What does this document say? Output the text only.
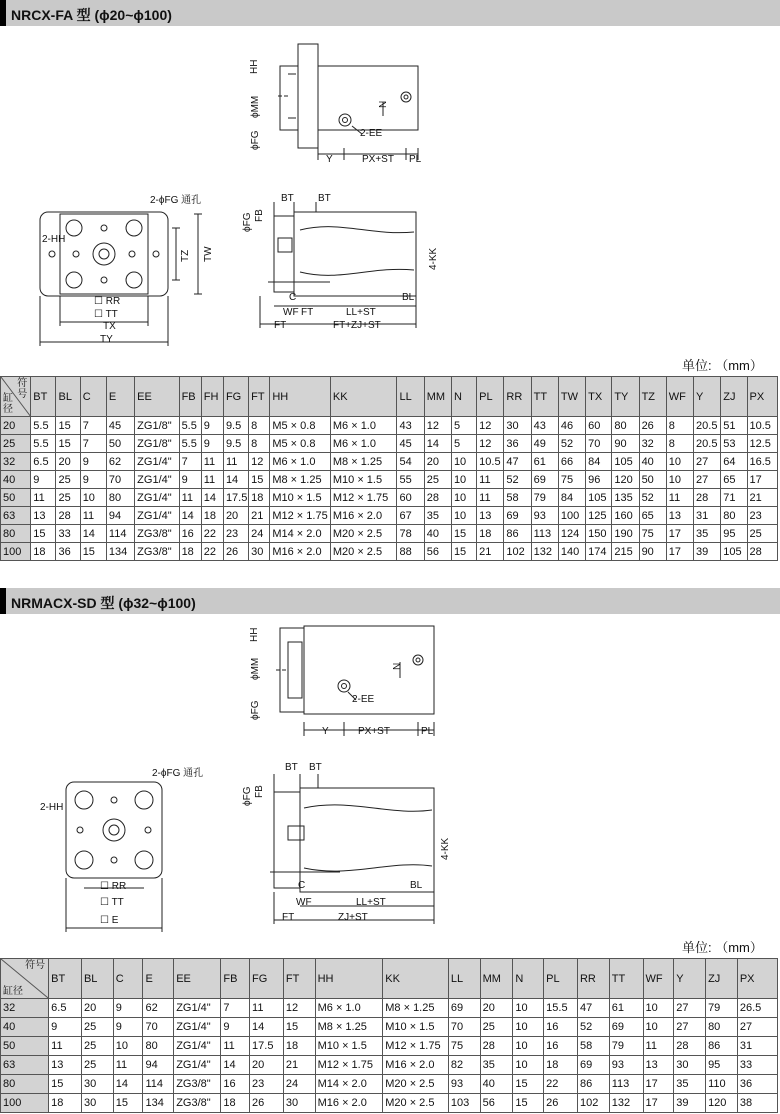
NRCX-FA 型 (ϕ20~ϕ100)
HH
ϕMM
ϕFG
N
2-EE
Y	PX+ST PL
2-ϕFG 通孔
2-HH
TZ TW
☐ RR
☐ TT
TX
TY
BT BT
ϕFG FB
4-KK
C	BL
WF FT	LL+ST
FT	FT+ZJ+ST
单位: （mm）
符
号
缸
径	BT	BL	C	E	EE	FB	FH	FG	FT	HH	KK	LL	MM	N	PL	RR	TT	TW	TX	TY	TZ	WF	Y	ZJ	PX
20	5.5	15	7	45	ZG1/8"	5.5	9	9.5	8	M5 × 0.8	M6 × 1.0	43	12	5	12	30	43	46	60	80	26	8	20.5	51	10.5
25	5.5	15	7	50	ZG1/8"	5.5	9	9.5	8	M5 × 0.8	M6 × 1.0	45	14	5	12	36	49	52	70	90	32	8	20.5	53	12.5
32	6.5	20	9	62	ZG1/4"	7	11	11	12	M6 × 1.0	M8 × 1.25	54	20	10	10.5	47	61	66	84	105	40	10	27	64	16.5
40	9	25	9	70	ZG1/4"	9	11	14	15	M8 × 1.25	M10 × 1.5	55	25	10	11	52	69	75	96	120	50	10	27	65	17
50	11	25	10	80	ZG1/4"	11	14	17.5	18	M10 × 1.5	M12 × 1.75	60	28	10	11	58	79	84	105	135	52	11	28	71	21
63	13	28	11	94	ZG1/4"	14	18	20	21	M12 × 1.75	M16 × 2.0	67	35	10	13	69	93	100	125	160	65	13	31	80	23
80	15	33	14	114	ZG3/8"	16	22	23	24	M14 × 2.0	M20 × 2.5	78	40	15	18	86	113	124	150	190	75	17	35	95	25
100	18	36	15	134	ZG3/8"	18	22	26	30	M16 × 2.0	M20 × 2.5	88	56	15	21	102	132	140	174	215	90	17	39	105	28
NRMACX-SD 型 (ϕ32~ϕ100)
HH
ϕMM
ϕFG
N
2-EE
Y	PX+ST	PL
2-ϕFG 通孔
2-HH
☐ RR
☐ TT
☐ E
BT BT
ϕFG FB
4-KK
C	BL
WF	LL+ST
FT	ZJ+ST
单位: （mm）
符号
缸径	BT	BL	C	E	EE	FB	FG	FT	HH	KK	LL	MM	N	PL	RR	TT	WF	Y	ZJ	PX
32	6.5	20	9	62	ZG1/4"	7	11	12	M6 × 1.0	M8 × 1.25	69	20	10	15.5	47	61	10	27	79	26.5
40	9	25	9	70	ZG1/4"	9	14	15	M8 × 1.25	M10 × 1.5	70	25	10	16	52	69	10	27	80	27
50	11	25	10	80	ZG1/4"	11	17.5	18	M10 × 1.5	M12 × 1.75	75	28	10	16	58	79	11	28	86	31
63	13	25	11	94	ZG1/4"	14	20	21	M12 × 1.75	M16 × 2.0	82	35	10	18	69	93	13	30	95	33
80	15	30	14	114	ZG3/8"	16	23	24	M14 × 2.0	M20 × 2.5	93	40	15	22	86	113	17	35	110	36
100	18	30	15	134	ZG3/8"	18	26	30	M16 × 2.0	M20 × 2.5	103	56	15	26	102	132	17	39	120	38
